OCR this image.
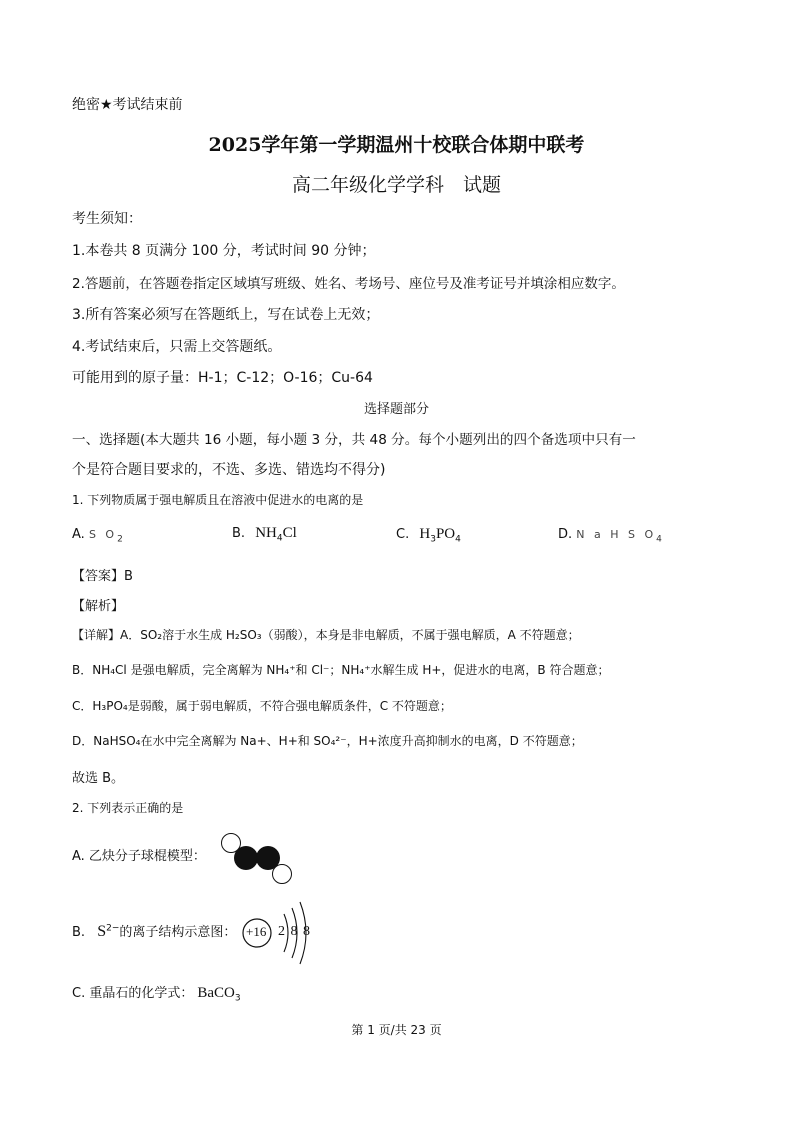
绝密★考试结束前
2025学年第一学期温州十校联合体期中联考
高二年级化学学科　试题
考生须知：
1.本卷共 8 页满分 100 分，考试时间 90 分钟；
2.答题前，在答题卷指定区域填写班级、姓名、考场号、座位号及准考证号并填涂相应数字。
3.所有答案必须写在答题纸上，写在试卷上无效；
4.考试结束后，只需上交答题纸。
可能用到的原子量：H-1；C-12；O-16；Cu-64
选择题部分
一、选择题(本大题共 16 小题，每小题 3 分，共 48 分。每个小题列出的四个备选项中只有一
个是符合题目要求的，不选、多选、错选均不得分)
1. 下列物质属于强电解质且在溶液中促进水的电离的是
A. S $O_2$	B. $NH_4Cl$	C. $H_3PO_4$	D. N a H S $O_4$
【答案】B
【解析】
【详解】A．SO₂溶于水生成 H₂SO₃（弱酸），本身是非电解质，不属于强电解质，A 不符题意；
B．NH₄Cl 是强电解质，完全离解为 NH₄⁺和 Cl⁻；NH₄⁺水解生成 H+，促进水的电离，B 符合题意；
C．H₃PO₄是弱酸，属于弱电解质，不符合强电解质条件，C 不符题意；
D．NaHSO₄在水中完全离解为 Na+、H+和 SO₄²⁻，H+浓度升高抑制水的电离，D 不符题意；
故选 B。
2. 下列表示正确的是
A. 乙炔分子球棍模型：
B. $S^{2-}$的离子结构示意图： +16 2 8 8
C. 重晶石的化学式： BaCO$_3$
第 1 页/共 23 页
